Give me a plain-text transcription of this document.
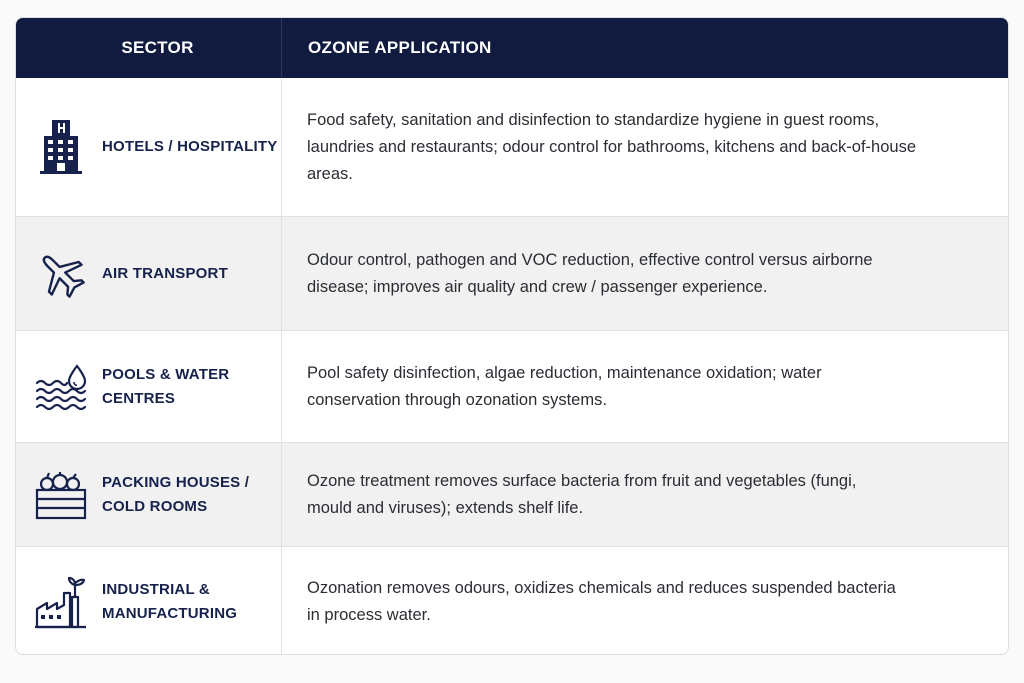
SECTOR	OZONE APPLICATION
HOTELS / HOSPITALITY
Food safety, sanitation and disinfection to standardize hygiene in guest rooms,
laundries and restaurants; odour control for bathrooms, kitchens and back-of-house
areas.
AIR TRANSPORT
Odour control, pathogen and VOC reduction, effective control versus airborne
disease; improves air quality and crew / passenger experience.
POOLS & WATER
CENTRES
Pool safety disinfection, algae reduction, maintenance oxidation; water
conservation through ozonation systems.
PACKING HOUSES /
COLD ROOMS
Ozone treatment removes surface bacteria from fruit and vegetables (fungi,
mould and viruses); extends shelf life.
INDUSTRIAL &
MANUFACTURING
Ozonation removes odours, oxidizes chemicals and reduces suspended bacteria
in process water.
